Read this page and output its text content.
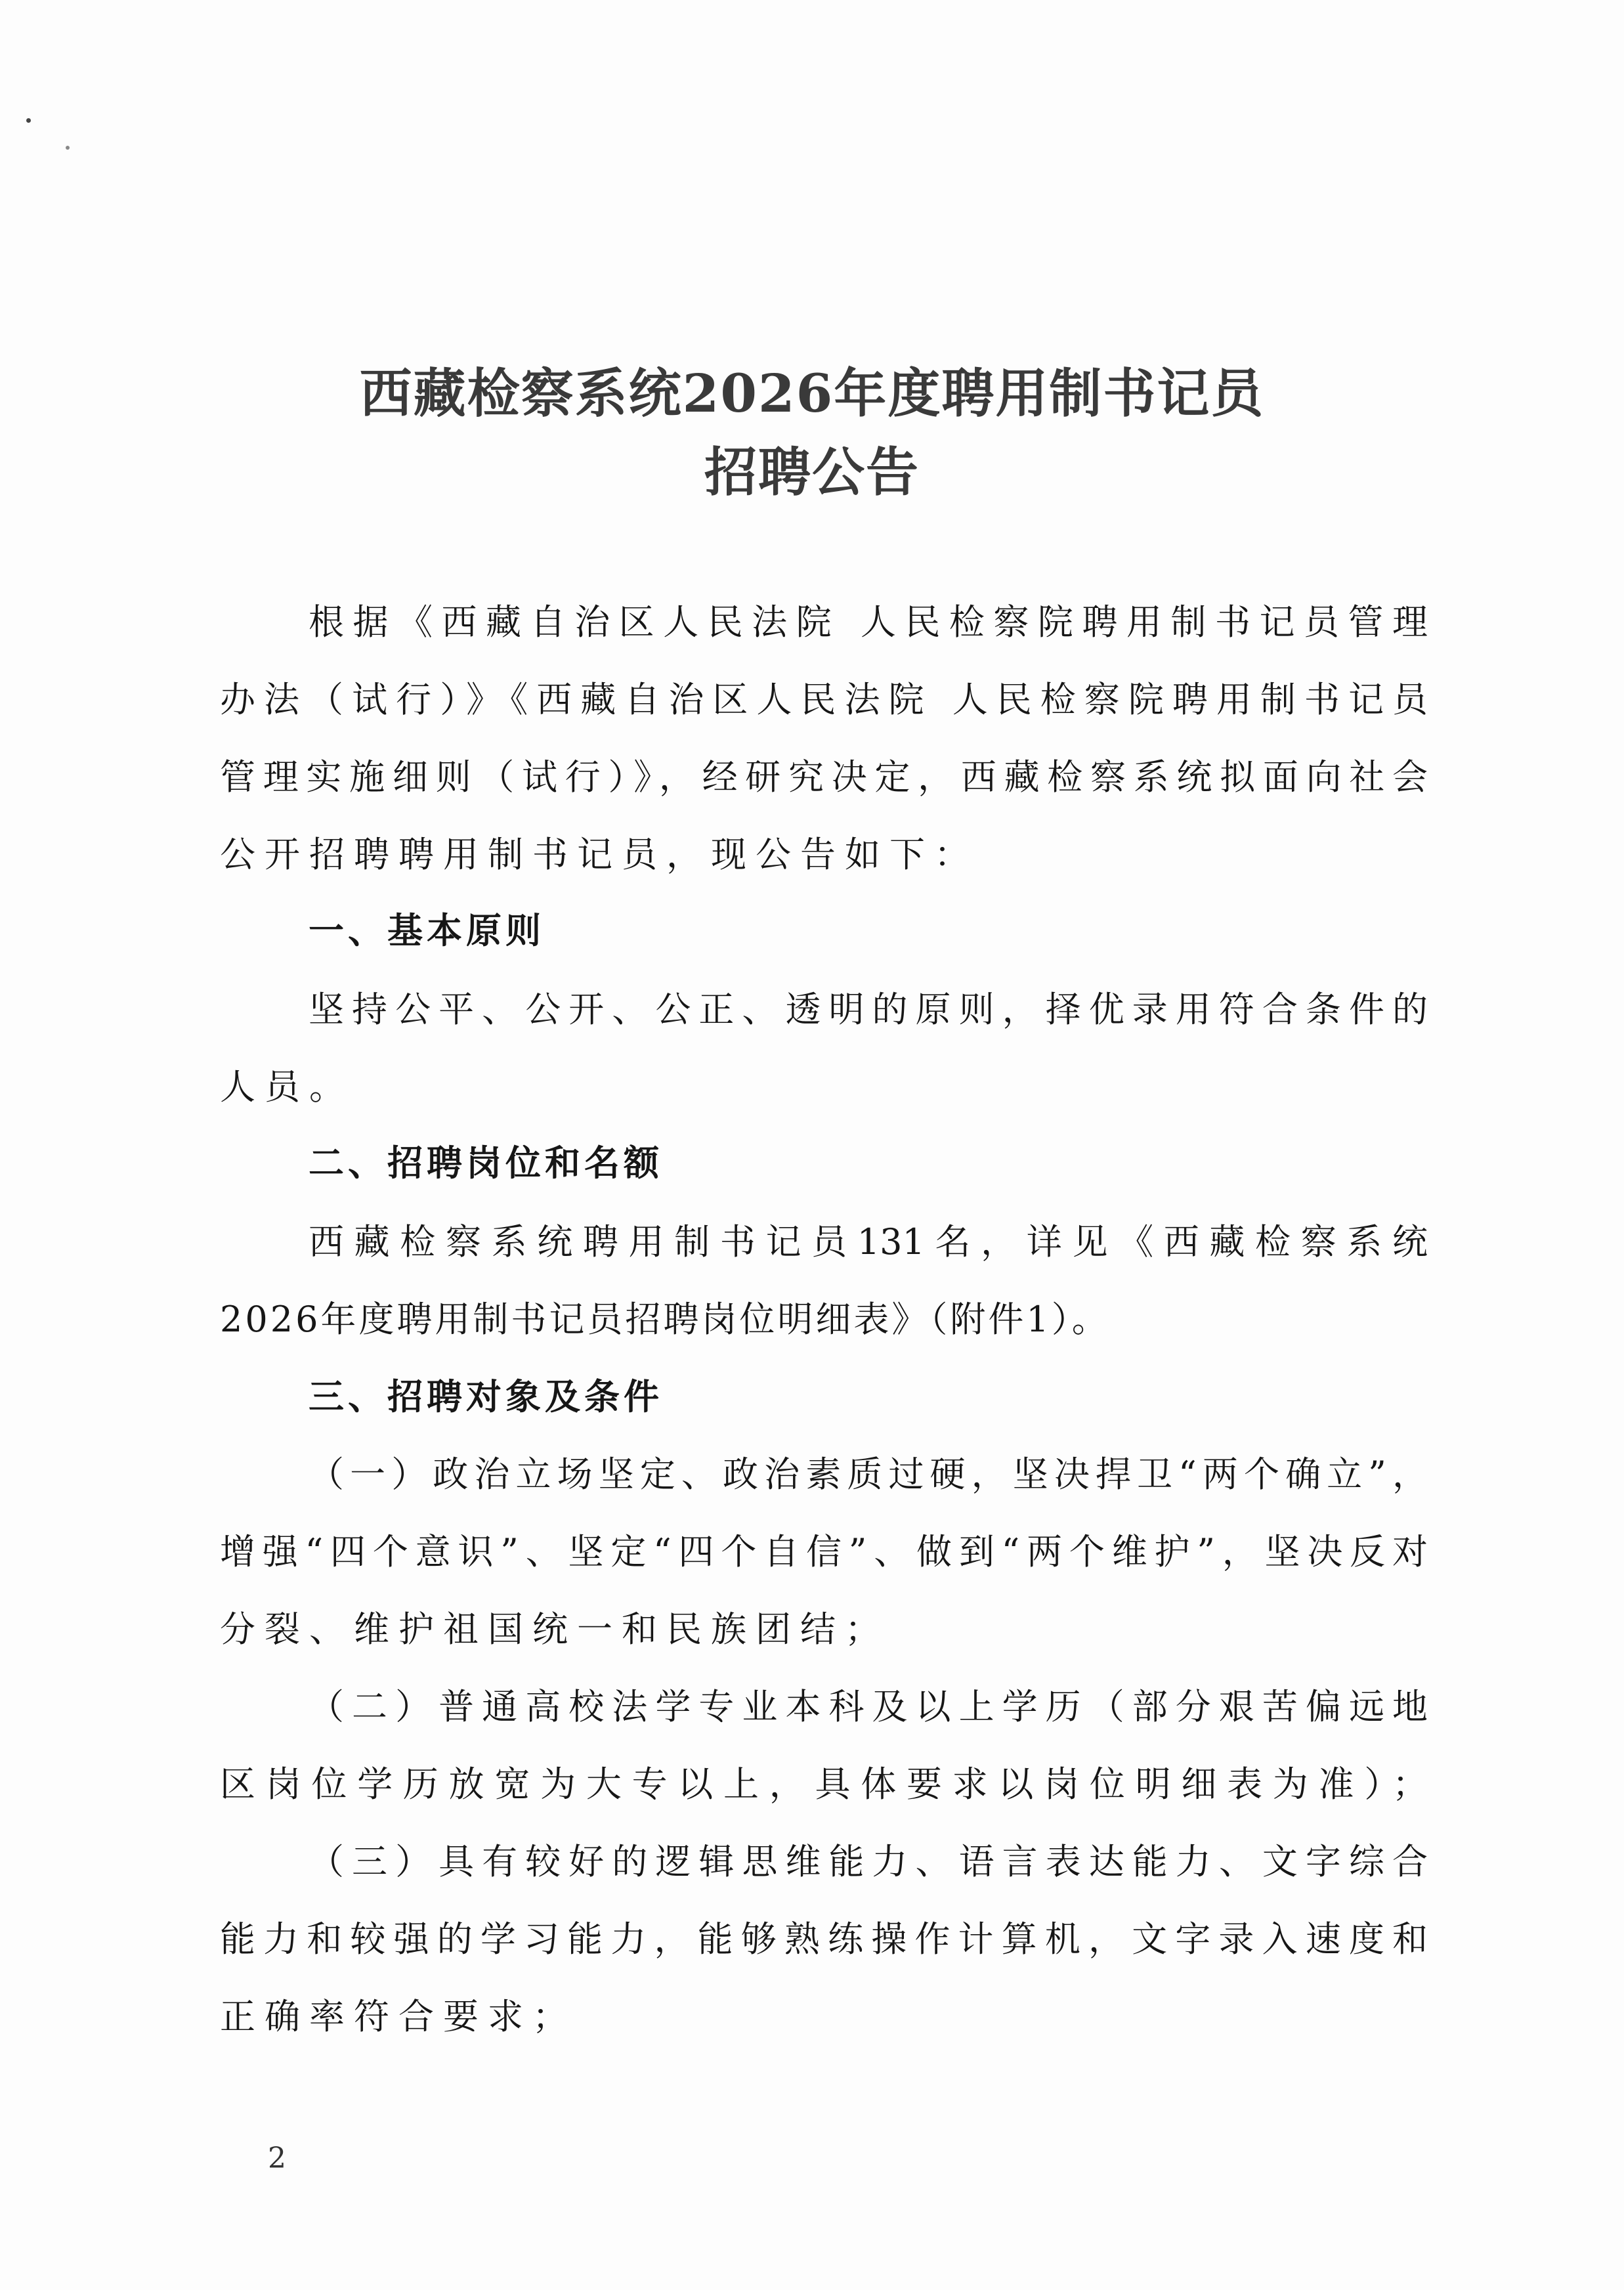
西藏检察系统2026年度聘用制书记员
招聘公告
根据《西藏自治区人民法院 人民检察院聘用制书记员管理
办法（试行）》《西藏自治区人民法院 人民检察院聘用制书记员
管理实施细则（试行）》，经研究决定，西藏检察系统拟面向社会
公开招聘聘用制书记员，现公告如下：
一、基本原则
坚持公平、公开、公正、透明的原则，择优录用符合条件的
人员。
二、招聘岗位和名额
西藏检察系统聘用制书记员131名，详见《西藏检察系统
2026年度聘用制书记员招聘岗位明细表》（附件1）。
三、招聘对象及条件
（一）政治立场坚定、政治素质过硬，坚决捍卫“两个确立”，
增强“四个意识”、坚定“四个自信”、做到“两个维护”，坚决反对
分裂、维护祖国统一和民族团结；
（二）普通高校法学专业本科及以上学历（部分艰苦偏远地
区岗位学历放宽为大专以上，具体要求以岗位明细表为准）；
（三）具有较好的逻辑思维能力、语言表达能力、文字综合
能力和较强的学习能力，能够熟练操作计算机，文字录入速度和
正确率符合要求；
2
